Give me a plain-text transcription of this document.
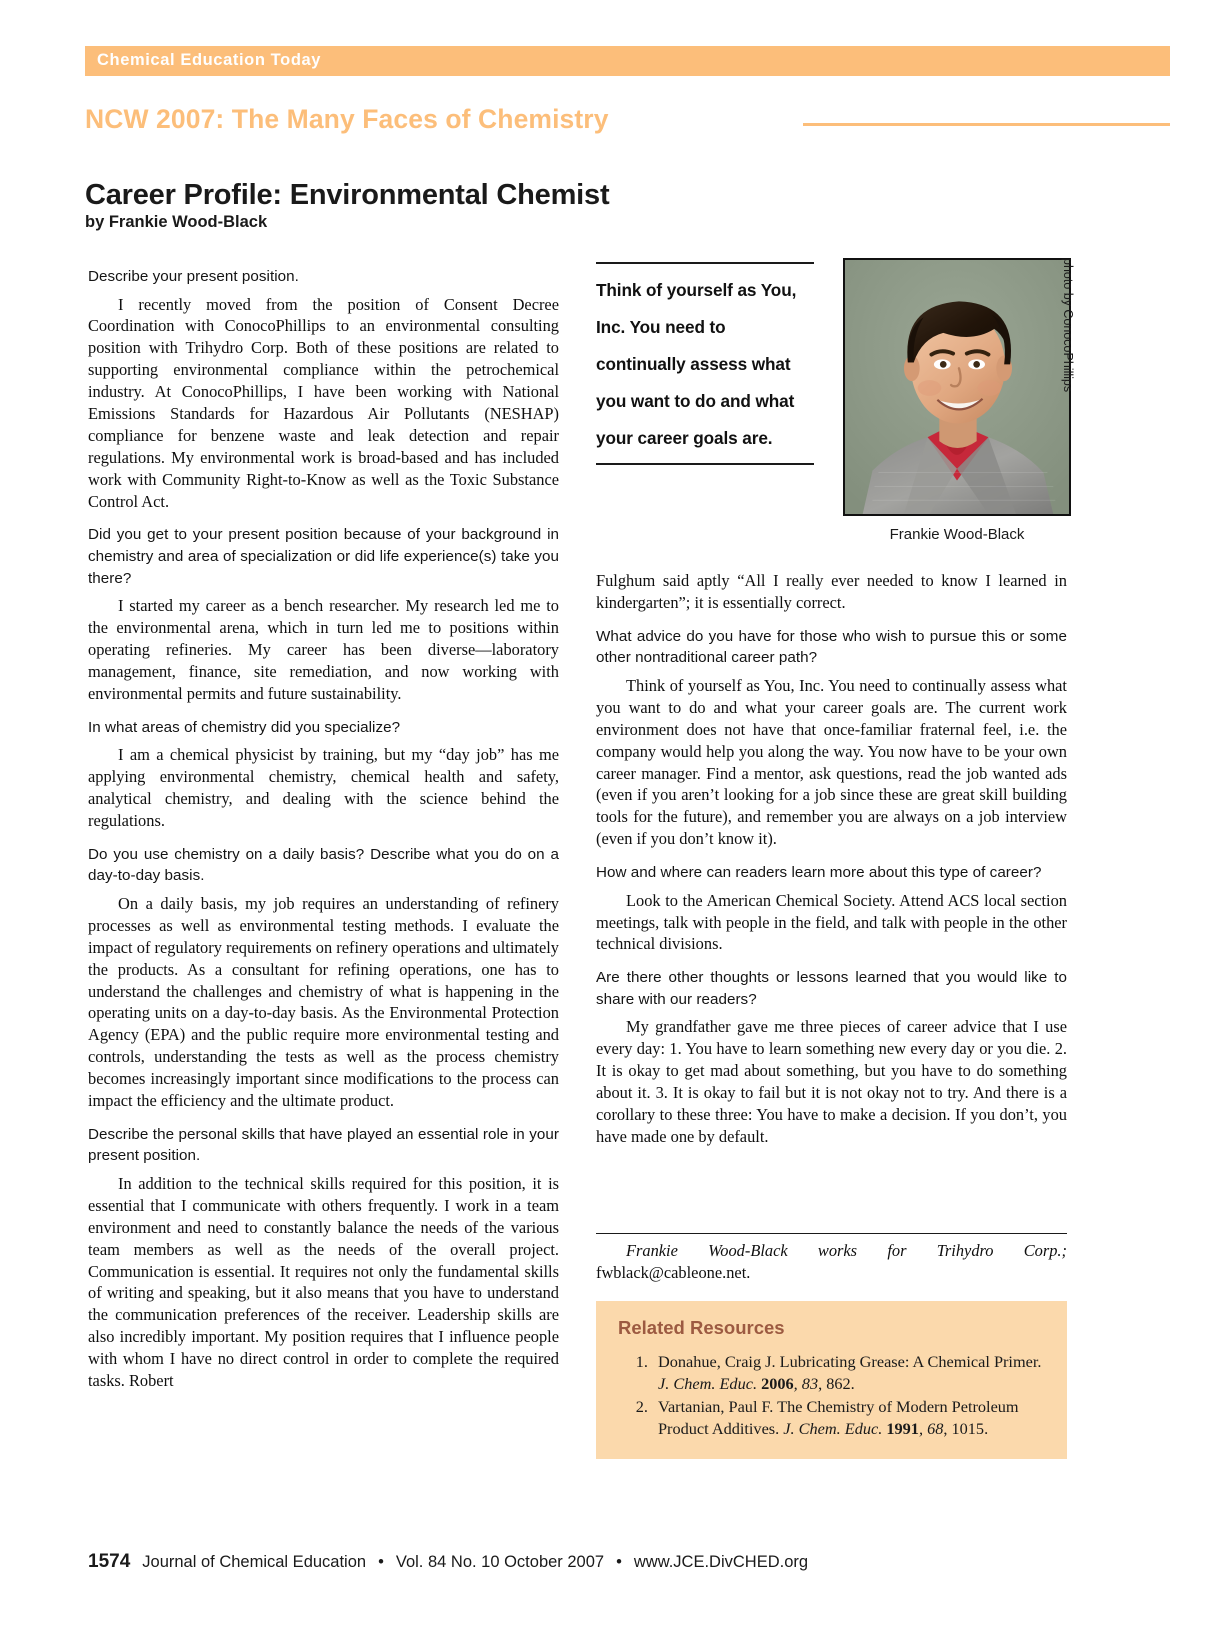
Chemical Education Today
NCW 2007: The Many Faces of Chemistry
Career Profile: Environmental Chemist
by Frankie Wood-Black
Describe your present position.

I recently moved from the position of Consent Decree Coordination with ConocoPhillips to an environmental consulting position with Trihydro Corp. Both of these positions are related to supporting environmental compliance within the petrochemical industry. At ConocoPhillips, I have been working with National Emissions Standards for Hazardous Air Pollutants (NESHAP) compliance for benzene waste and leak detection and repair regulations. My environmental work is broad-based and has included work with Community Right-to-Know as well as the Toxic Substance Control Act.

Did you get to your present position because of your background in chemistry and area of specialization or did life experience(s) take you there?

I started my career as a bench researcher. My research led me to the environmental arena, which in turn led me to positions within operating refineries. My career has been diverse—laboratory management, finance, site remediation, and now working with environmental permits and future sustainability.

In what areas of chemistry did you specialize?

I am a chemical physicist by training, but my “day job” has me applying environmental chemistry, chemical health and safety, analytical chemistry, and dealing with the science behind the regulations.

Do you use chemistry on a daily basis? Describe what you do on a day-to-day basis.

On a daily basis, my job requires an understanding of refinery processes as well as environmental testing methods. I evaluate the impact of regulatory requirements on refinery operations and ultimately the products. As a consultant for refining operations, one has to understand the challenges and chemistry of what is happening in the operating units on a day-to-day basis. As the Environmental Protection Agency (EPA) and the public require more environmental testing and controls, understanding the tests as well as the process chemistry becomes increasingly important since modifications to the process can impact the efficiency and the ultimate product.

Describe the personal skills that have played an essential role in your present position.

In addition to the technical skills required for this position, it is essential that I communicate with others frequently. I work in a team environment and need to constantly balance the needs of the various team members as well as the needs of the overall project. Communication is essential. It requires not only the fundamental skills of writing and speaking, but it also means that you have to understand the communication preferences of the receiver. Leadership skills are also incredibly important. My position requires that I influence people with whom I have no direct control in order to complete the required tasks. Robert

Think of yourself as You, Inc. You need to continually assess what you want to do and what your career goals are.
Frankie Wood-Black
photo by ConocoPhillips

Fulghum said aptly “All I really ever needed to know I learned in kindergarten”; it is essentially correct.

What advice do you have for those who wish to pursue this or some other nontraditional career path?

Think of yourself as You, Inc. You need to continually assess what you want to do and what your career goals are. The current work environment does not have that once-familiar fraternal feel, i.e. the company would help you along the way. You now have to be your own career manager. Find a mentor, ask questions, read the job wanted ads (even if you aren’t looking for a job since these are great skill building tools for the future), and remember you are always on a job interview (even if you don’t know it).

How and where can readers learn more about this type of career?

Look to the American Chemical Society. Attend ACS local section meetings, talk with people in the field, and talk with people in the other technical divisions.

Are there other thoughts or lessons learned that you would like to share with our readers?

My grandfather gave me three pieces of career advice that I use every day: 1. You have to learn something new every day or you die. 2. It is okay to get mad about something, but you have to do something about it. 3. It is okay to fail but it is not okay not to try. And there is a corollary to these three: You have to make a decision. If you don’t, you have made one by default.

Frankie Wood-Black works for Trihydro Corp.; fwblack@cableone.net.
Related Resources
1. Donahue, Craig J. Lubricating Grease: A Chemical Primer. J. Chem. Educ. 2006, 83, 862.
2. Vartanian, Paul F. The Chemistry of Modern Petroleum Product Additives. J. Chem. Educ. 1991, 68, 1015.
1574 Journal of Chemical Education • Vol. 84 No. 10 October 2007 • www.JCE.DivCHED.org
